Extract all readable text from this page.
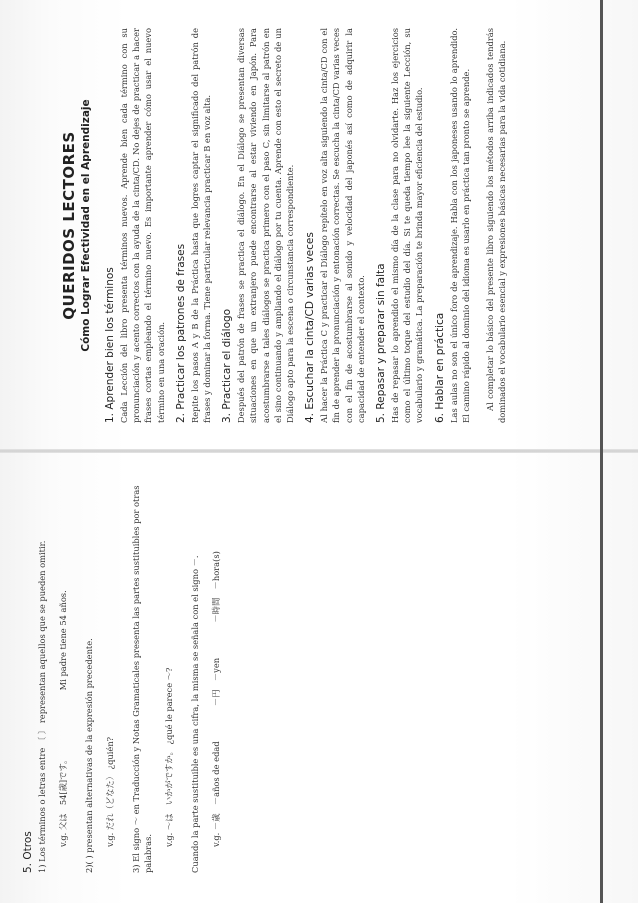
5. Otros 1) Los términos o letras entre 〔 〕 representan aquellos que se pueden omitir. v.g. 父は　54[歳]です。  Mi padre tiene 54 años. 2)( ) presentan alternativas de la expresión precedente. v.g. だれ（どなた） ¿quién? 3) El signo ～ en Traducción y Notas Gramaticales presenta las partes sustituibles por otras palabras. v.g. ～は　いかがですか。 ¿qué le parece ～? Cuando la parte sustituible es una cifra, la misma se señala con el signo －. v.g. －歳　－años de edad  －円　－yen  －時間　－hora(s)

QUERIDOS LECTORES Cómo Lograr Efectividad en el Aprendizaje 1. Aprender bien los términos Cada Lección del libro presenta términos nuevos. Aprende bien cada término con su pronunciación y acento correctos con la ayuda de la cinta/CD. No dejes de practicar a hacer frases cortas empleando el término nuevo. Es importante aprender cómo usar el nuevo término en una oración. 2. Practicar los patrones de frases Repite los pasos A y B de la Práctica hasta que logres captar el significado del patrón de frases y dominar la forma. Tiene particular relevancia practicar B en voz alta. 3. Practicar el diálogo Después del patrón de frases se practica el diálogo. En el Diálogo se presentan diversas situaciones en que un extranjero puede encontrarse al estar viviendo en Japón. Para acostumbrarse a tales diálogos se practica primero con el paso C, sin limitarse al patrón en el sino continuando y ampliando el diálogo por tu cuenta. Aprende con esto el secreto de un Diálogo apto para la escena o circunstancia correspondiente. 4. Escuchar la cinta/CD varias veces Al hacer la Práctica C y practicar el Diálogo repítelo en voz alta siguiendo la cinta/CD con el fin de aprender la pronunciación y entonación correctas. Se escucha la cinta/CD varias veces con el fin de acostumbrarse al sonido y velocidad del japonés así como de adquirir la capacidad de entender el contexto. 5. Repasar y preparar sin falta Has de repasar lo aprendido el mismo día de la clase para no olvidarte. Haz los ejercicios como el último toque del estudio del día. Si te queda tiempo lee la siguiente Lección, su vocabulario y gramática. La preparación te brinda mayor eficiencia del estudio. 6. Hablar en práctica Las aulas no son el único foro de aprendizaje. Habla con los japoneses usando lo aprendido. El camino rápido al dominio del idioma es usarlo en práctica tan pronto se aprende. Al completar lo básico del presente libro siguiendo los métodos arriba indicados tendrás dominados el vocabulario esencial y expresiones básicas necesarias para la vida cotidiana.
